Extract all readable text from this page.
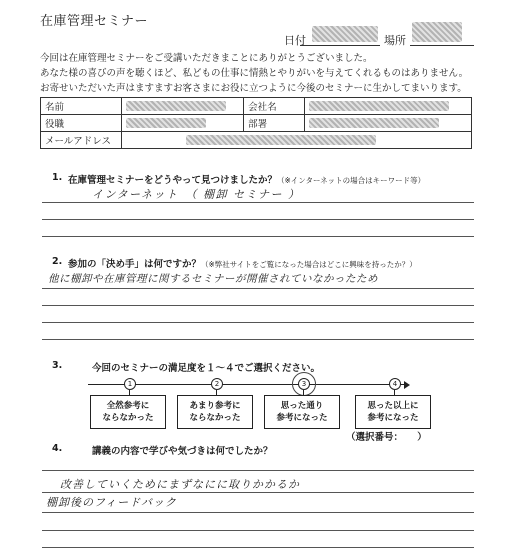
在庫管理セミナー
日付	場所
今回は在庫管理セミナーをご受講いただきまことにありがとうございました。
あなた様の喜びの声を聴くほど、私どもの仕事に情熱とやりがいを与えてくれるものはありません。
お寄せいただいた声はますますお客さまにお役に立つように今後のセミナーに生かしてまいります。
名前		会社名	

役職		部署	

メールアドレス			
1. 在庫管理セミナーをどうやって見つけましたか？（※インターネットの場合はキーワード等）
インターネット　（ 棚卸 セミナー ）
2. 参加の「決め手」は何ですか？（※弊社サイトをご覧になった場合はどこに興味を持ったか？）
他に棚卸や在庫管理に関するセミナーが開催されていなかったため
3.	今回のセミナーの満足度を１～４でご選択ください。
1	2	3	4
全然参考に
ならなかった
あまり参考に
ならなかった
思った通り
参考になった
思った以上に
参考になった
（選択番号：　　）
4.	講義の内容で学びや気づきは何でしたか？
改善していくためにまずなにに取りかかるか
棚卸後のフィードバック
